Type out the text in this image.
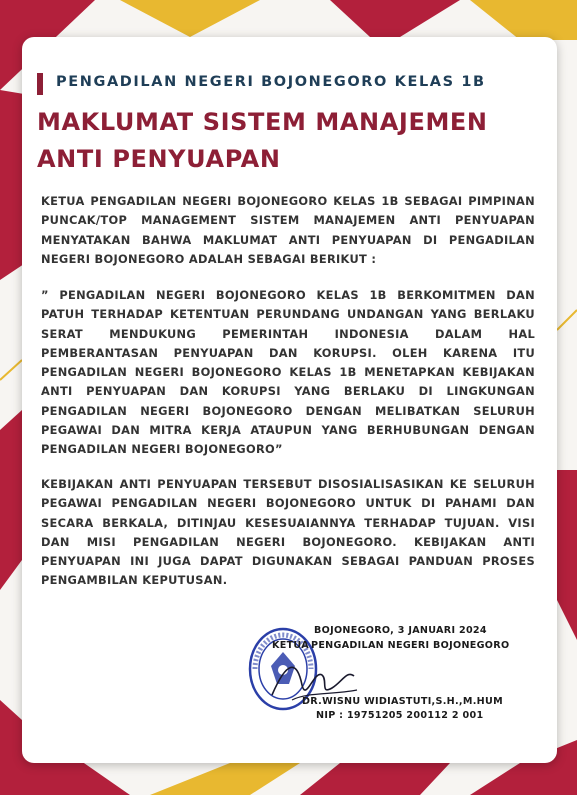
PENGADILAN NEGERI BOJONEGORO KELAS 1B
MAKLUMAT SISTEM MANAJEMEN
ANTI PENYUAPAN

KETUA PENGADILAN NEGERI BOJONEGORO KELAS 1B SEBAGAI PIMPINAN PUNCAK/TOP MANAGEMENT SISTEM MANAJEMEN ANTI PENYUAPAN MENYATAKAN BAHWA MAKLUMAT ANTI PENYUAPAN DI PENGADILAN NEGERI BOJONEGORO ADALAH SEBAGAI BERIKUT :

” PENGADILAN NEGERI BOJONEGORO KELAS 1B BERKOMITMEN DAN PATUH TERHADAP KETENTUAN PERUNDANG UNDANGAN YANG BERLAKU SERAT MENDUKUNG PEMERINTAH INDONESIA DALAM HAL PEMBERANTASAN PENYUAPAN DAN KORUPSI. OLEH KARENA ITU PENGADILAN NEGERI BOJONEGORO KELAS 1B MENETAPKAN KEBIJAKAN ANTI PENYUAPAN DAN KORUPSI YANG BERLAKU DI LINGKUNGAN PENGADILAN NEGERI BOJONEGORO DENGAN MELIBATKAN SELURUH PEGAWAI DAN MITRA KERJA ATAUPUN YANG BERHUBUNGAN DENGAN PENGADILAN NEGERI BOJONEGORO”

KEBIJAKAN ANTI PENYUAPAN TERSEBUT DISOSIALISASIKAN KE SELURUH PEGAWAI PENGADILAN NEGERI BOJONEGORO UNTUK DI PAHAMI DAN SECARA BERKALA, DITINJAU KESESUAIANNYA TERHADAP TUJUAN. VISI DAN MISI PENGADILAN NEGERI BOJONEGORO. KEBIJAKAN ANTI PENYUAPAN INI JUGA DAPAT DIGUNAKAN SEBAGAI PANDUAN PROSES PENGAMBILAN KEPUTUSAN.

BOJONEGORO, 3 JANUARI 2024
KETUA PENGADILAN NEGERI BOJONEGORO
DR.WISNU WIDIASTUTI,S.H.,M.HUM
NIP : 19751205 200112 2 001
